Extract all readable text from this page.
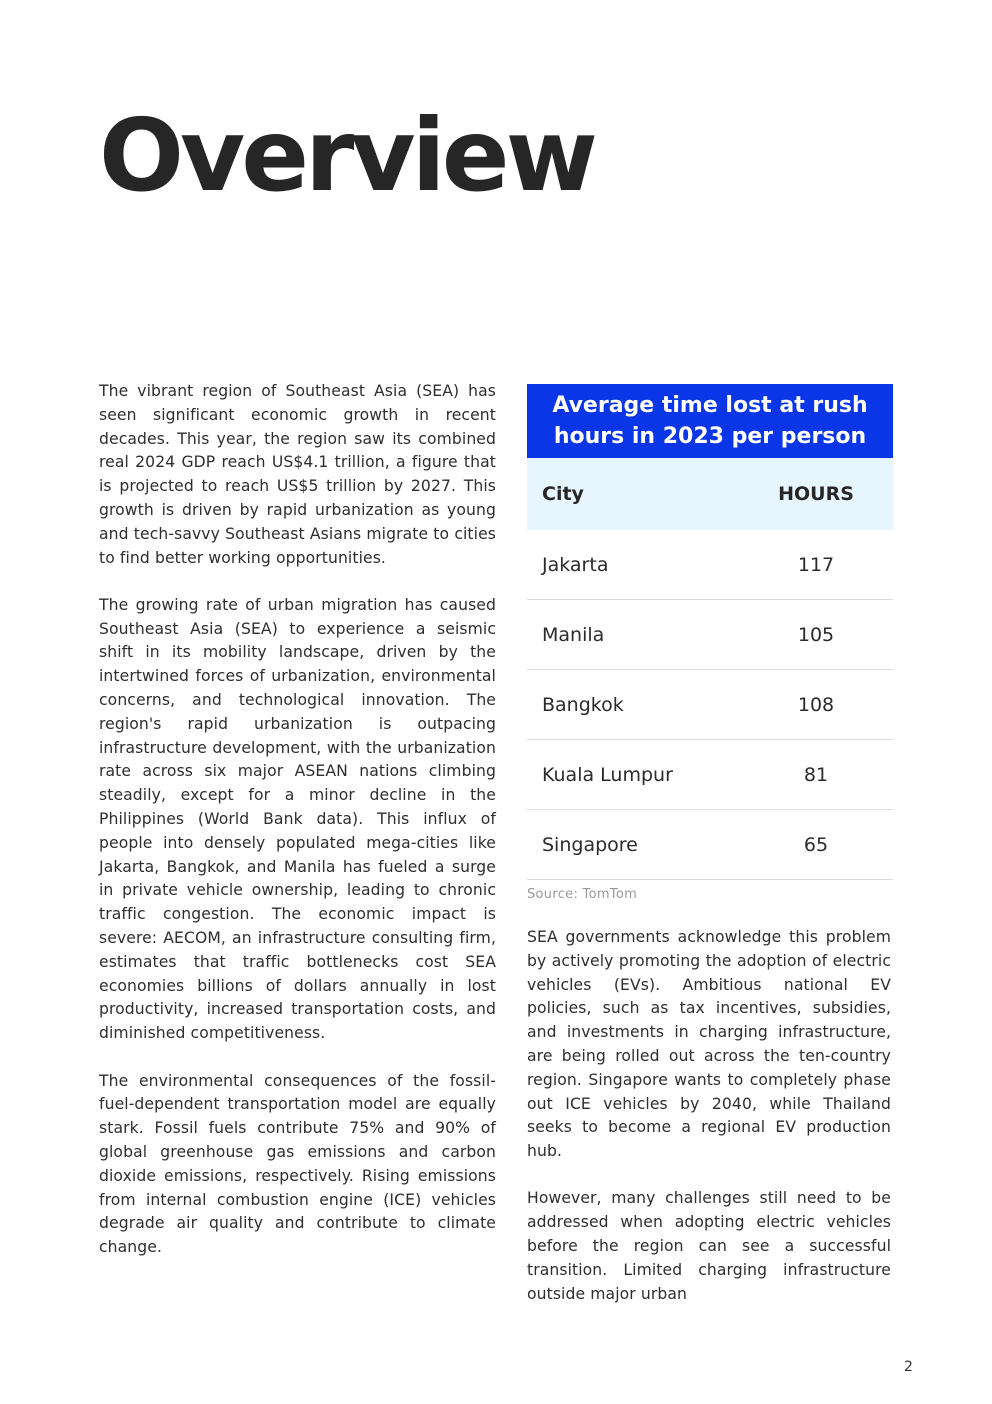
Overview

The vibrant region of Southeast Asia (SEA) has seen significant economic growth in recent decades. This year, the region saw its combined real 2024 GDP reach US$4.1 trillion, a figure that is projected to reach US$5 trillion by 2027. This growth is driven by rapid urbanization as young and tech-savvy Southeast Asians migrate to cities to find better working opportunities.

The growing rate of urban migration has caused Southeast Asia (SEA) to experience a seismic shift in its mobility landscape, driven by the intertwined forces of urbanization, environmental concerns, and technological innovation. The region's rapid urbanization is outpacing infrastructure development, with the urbanization rate across six major ASEAN nations climbing steadily, except for a minor decline in the Philippines (World Bank data). This influx of people into densely populated mega-cities like Jakarta, Bangkok, and Manila has fueled a surge in private vehicle ownership, leading to chronic traffic congestion. The economic impact is severe: AECOM, an infrastructure consulting firm, estimates that traffic bottlenecks cost SEA economies billions of dollars annually in lost productivity, increased transportation costs, and diminished competitiveness.

The environmental consequences of the fossil-fuel-dependent transportation model are equally stark. Fossil fuels contribute 75% and 90% of global greenhouse gas emissions and carbon dioxide emissions, respectively. Rising emissions from internal combustion engine (ICE) vehicles degrade air quality and contribute to climate change.

Average time lost at rush hours in 2023 per person
City	HOURS
Jakarta	117
Manila	105
Bangkok	108
Kuala Lumpur	81
Singapore	65
Source: TomTom

SEA governments acknowledge this problem by actively promoting the adoption of electric vehicles (EVs). Ambitious national EV policies, such as tax incentives, subsidies, and investments in charging infrastructure, are being rolled out across the ten-country region. Singapore wants to completely phase out ICE vehicles by 2040, while Thailand seeks to become a regional EV production hub.

However, many challenges still need to be addressed when adopting electric vehicles before the region can see a successful transition. Limited charging infrastructure outside major urban

2
